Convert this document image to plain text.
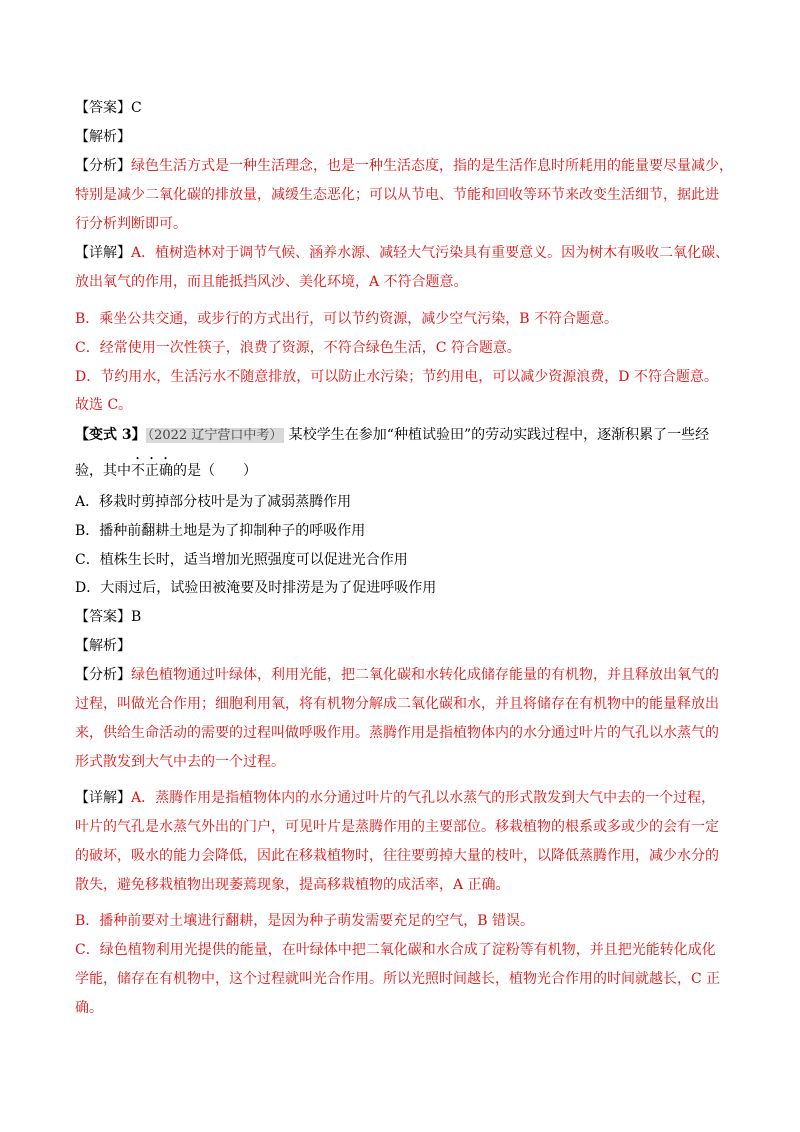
【答案】C
【解析】
【分析】绿色生活方式是一种生活理念，也是一种生活态度，指的是生活作息时所耗用的能量要尽量减少，
特别是减少二氧化碳的排放量，减缓生态恶化；可以从节电、节能和回收等环节来改变生活细节，据此进
行分析判断即可。
【详解】A．植树造林对于调节气候、涵养水源、减轻大气污染具有重要意义。因为树木有吸收二氧化碳、
放出氧气的作用，而且能抵挡风沙、美化环境，A 不符合题意。
B．乘坐公共交通，或步行的方式出行，可以节约资源，减少空气污染，B 不符合题意。
C．经常使用一次性筷子，浪费了资源，不符合绿色生活，C 符合题意。
D．节约用水，生活污水不随意排放，可以防止水污染；节约用电，可以减少资源浪费，D 不符合题意。
故选 C。
【变式 3】 （2022 辽宁营口中考） 某校学生在参加“种植试验田”的劳动实践过程中，逐渐积累了一些经
验，其中不正确的是（　　）
A．移栽时剪掉部分枝叶是为了减弱蒸腾作用
B．播种前翻耕土地是为了抑制种子的呼吸作用
C．植株生长时，适当增加光照强度可以促进光合作用
D．大雨过后，试验田被淹要及时排涝是为了促进呼吸作用
【答案】B
【解析】
【分析】绿色植物通过叶绿体，利用光能，把二氧化碳和水转化成储存能量的有机物，并且释放出氧气的
过程，叫做光合作用；细胞利用氧，将有机物分解成二氧化碳和水，并且将储存在有机物中的能量释放出
来，供给生命活动的需要的过程叫做呼吸作用。蒸腾作用是指植物体内的水分通过叶片的气孔以水蒸气的
形式散发到大气中去的一个过程。
【详解】A．蒸腾作用是指植物体内的水分通过叶片的气孔以水蒸气的形式散发到大气中去的一个过程，
叶片的气孔是水蒸气外出的门户，可见叶片是蒸腾作用的主要部位。移栽植物的根系或多或少的会有一定
的破坏，吸水的能力会降低，因此在移栽植物时，往往要剪掉大量的枝叶，以降低蒸腾作用，减少水分的
散失，避免移栽植物出现萎蔫现象，提高移栽植物的成活率，A 正确。
B．播种前要对土壤进行翻耕，是因为种子萌发需要充足的空气，B 错误。
C．绿色植物利用光提供的能量，在叶绿体中把二氧化碳和水合成了淀粉等有机物，并且把光能转化成化
学能，储存在有机物中，这个过程就叫光合作用。所以光照时间越长，植物光合作用的时间就越长，C 正
确。
